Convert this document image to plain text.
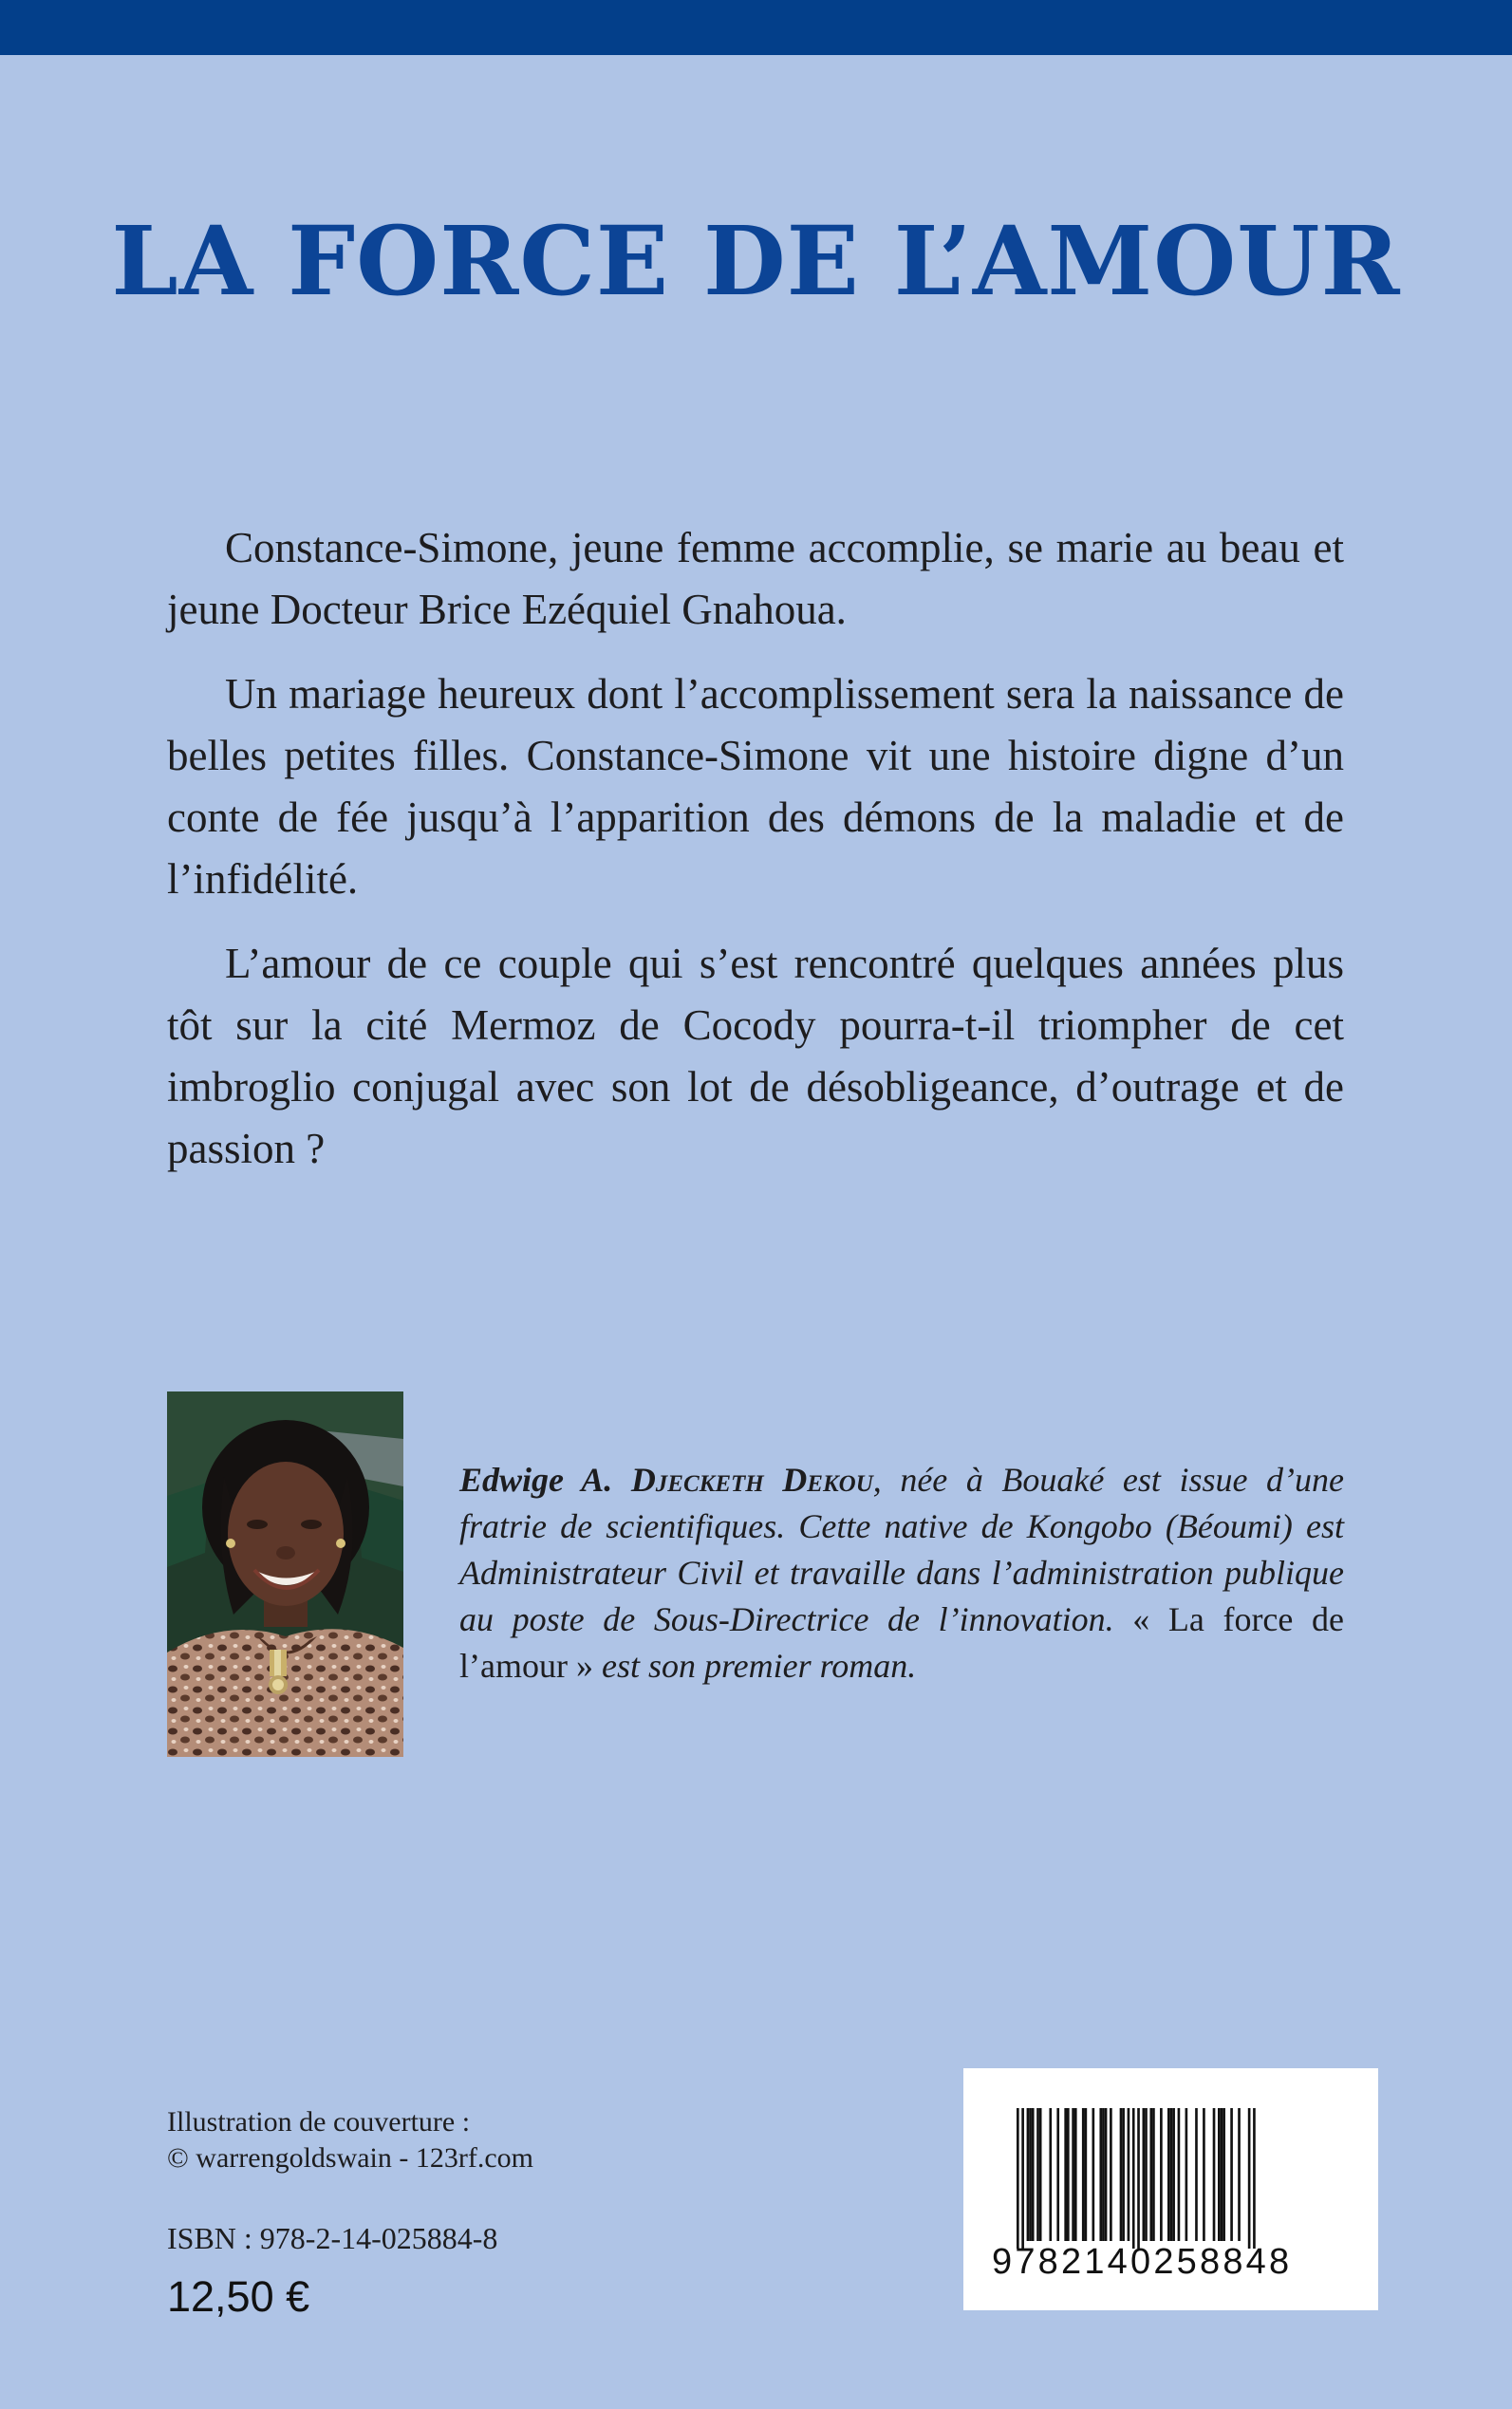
LA FORCE DE L’AMOUR

Constance-Simone, jeune femme accomplie, se marie au beau et jeune Docteur Brice Ezéquiel Gnahoua.

Un mariage heureux dont l’accomplissement sera la naissance de belles petites filles. Constance-Simone vit une histoire digne d’un conte de fée jusqu’à l’apparition des démons de la maladie et de l’infidélité.

L’amour de ce couple qui s’est rencontré quelques années plus tôt sur la cité Mermoz de Cocody pourra-t-il triompher de cet imbroglio conjugal avec son lot de désobligeance, d’outrage et de passion ?

Edwige A. Djecketh Dekou, née à Bouaké est issue d’une fratrie de scientifiques. Cette native de Kongobo (Béoumi) est Administrateur Civil et travaille dans l’administration publique au poste de Sous-Directrice de l’innovation. « La force de l’amour » est son premier roman.
Illustration de couverture :
© warrengoldswain - 123rf.com
ISBN : 978-2-14-025884-8
12,50 €
9782140258848
